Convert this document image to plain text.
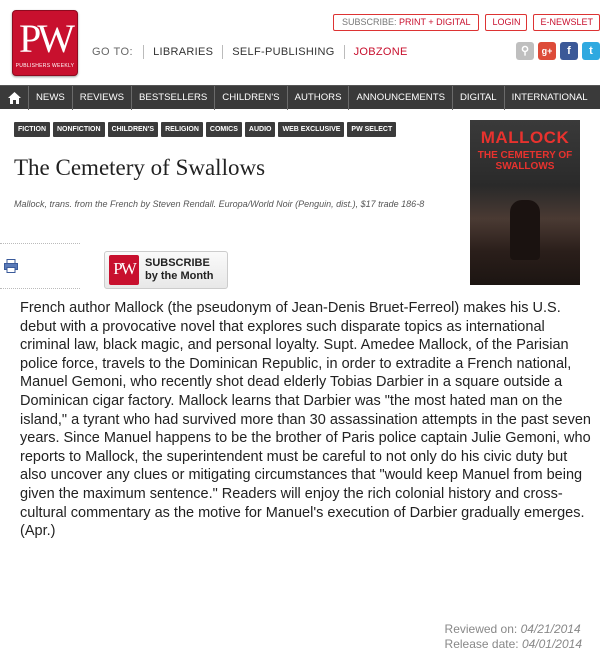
PW
PUBLISHERS WEEKLY
SUBSCRIBE: PRINT + DIGITAL	LOGIN	E-NEWSLET
GO TO:	LIBRARIES	SELF-PUBLISHING	JOBZONE	⚲	g+	f	t
NEWS	REVIEWS	BESTSELLERS	CHILDREN'S	AUTHORS	ANNOUNCEMENTS	DIGITAL	INTERNATIONAL
FICTION	NONFICTION	CHILDREN'S	RELIGION	COMICS	AUDIO	WEB EXCLUSIVE	PW SELECT
The Cemetery of Swallows
Mallock, trans. from the French by Steven Rendall. Europa/World Noir (Penguin, dist.), $17 trade 186-8
PW SUBSCRIBE
by the Month
MALLOCK
THE CEMETERY OF SWALLOWS
French author Mallock (the pseudonym of Jean-Denis Bruet-Ferreol) makes his U.S. debut with a provocative novel that explores such disparate topics as international criminal law, black magic, and personal loyalty. Supt. Amedee Mallock, of the Parisian police force, travels to the Dominican Republic, in order to extradite a French national, Manuel Gemoni, who recently shot dead elderly Tobias Darbier in a square outside a Dominican cigar factory. Mallock learns that Darbier was "the most hated man on the island," a tyrant who had survived more than 30 assassination attempts in the past seven years. Since Manuel happens to be the brother of Paris police captain Julie Gemoni, who reports to Mallock, the superintendent must be careful to not only do his civic duty but also uncover any clues or mitigating circumstances that "would keep Manuel from being given the maximum sentence." Readers will enjoy the rich colonial history and cross-cultural commentary as the motive for Manuel's execution of Darbier gradually emerges. (Apr.)
Reviewed on: 04/21/2014
Release date: 04/01/2014
